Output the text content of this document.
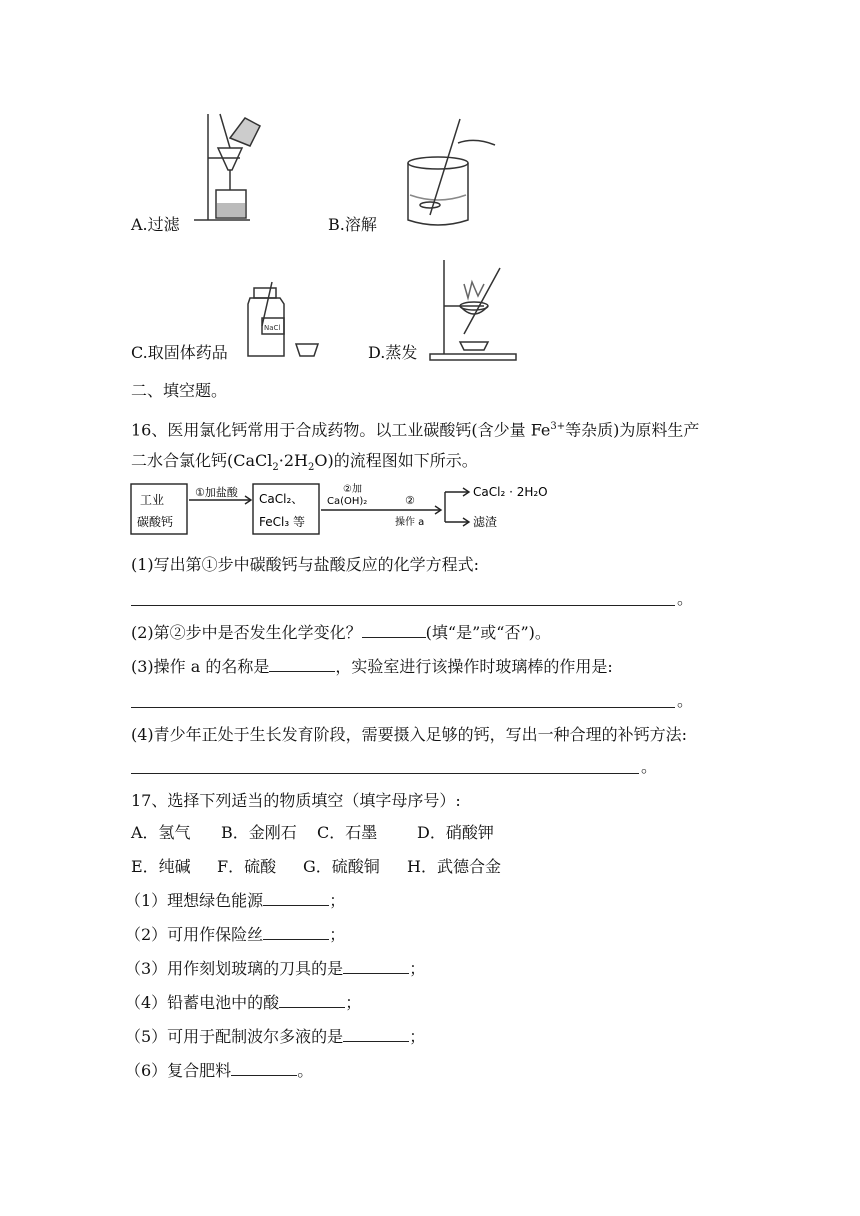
A.过滤	B.溶解
NaCl
C.取固体药品	D.蒸发
二、填空题。
16、医用氯化钙常用于合成药物。以工业碳酸钙(含少量 $Fe^{3+}$等杂质)为原料生产
二水合氯化钙$(CaCl_2\cdot 2H_2O)$的流程图如下所示。
工业
碳酸钙
①加盐酸 CaCl₂、
FeCl₃ 等
②加
Ca(OH)₂	②
操作 a
CaCl₂ · 2H₂O
滤渣
(1)写出第①步中碳酸钙与盐酸反应的化学方程式:
。
(2)第②步中是否发生化学变化？	(填“是”或“否”)。
(3)操作 a 的名称是	，实验室进行该操作时玻璃棒的作用是:
。
(4)青少年正处于生长发育阶段，需要摄入足够的钙，写出一种合理的补钙方法:
。
17、选择下列适当的物质填空（填字母序号）:
A．氢气 B．金刚石 C．石墨 D．硝酸钾
E．纯碱 F．硫酸 G．硫酸铜 H．武德合金
（1）理想绿色能源	；
（2）可用作保险丝	；
（3）用作刻划玻璃的刀具的是	；
（4）铅蓄电池中的酸	；
（5）可用于配制波尔多液的是	；
（6）复合肥料	。
